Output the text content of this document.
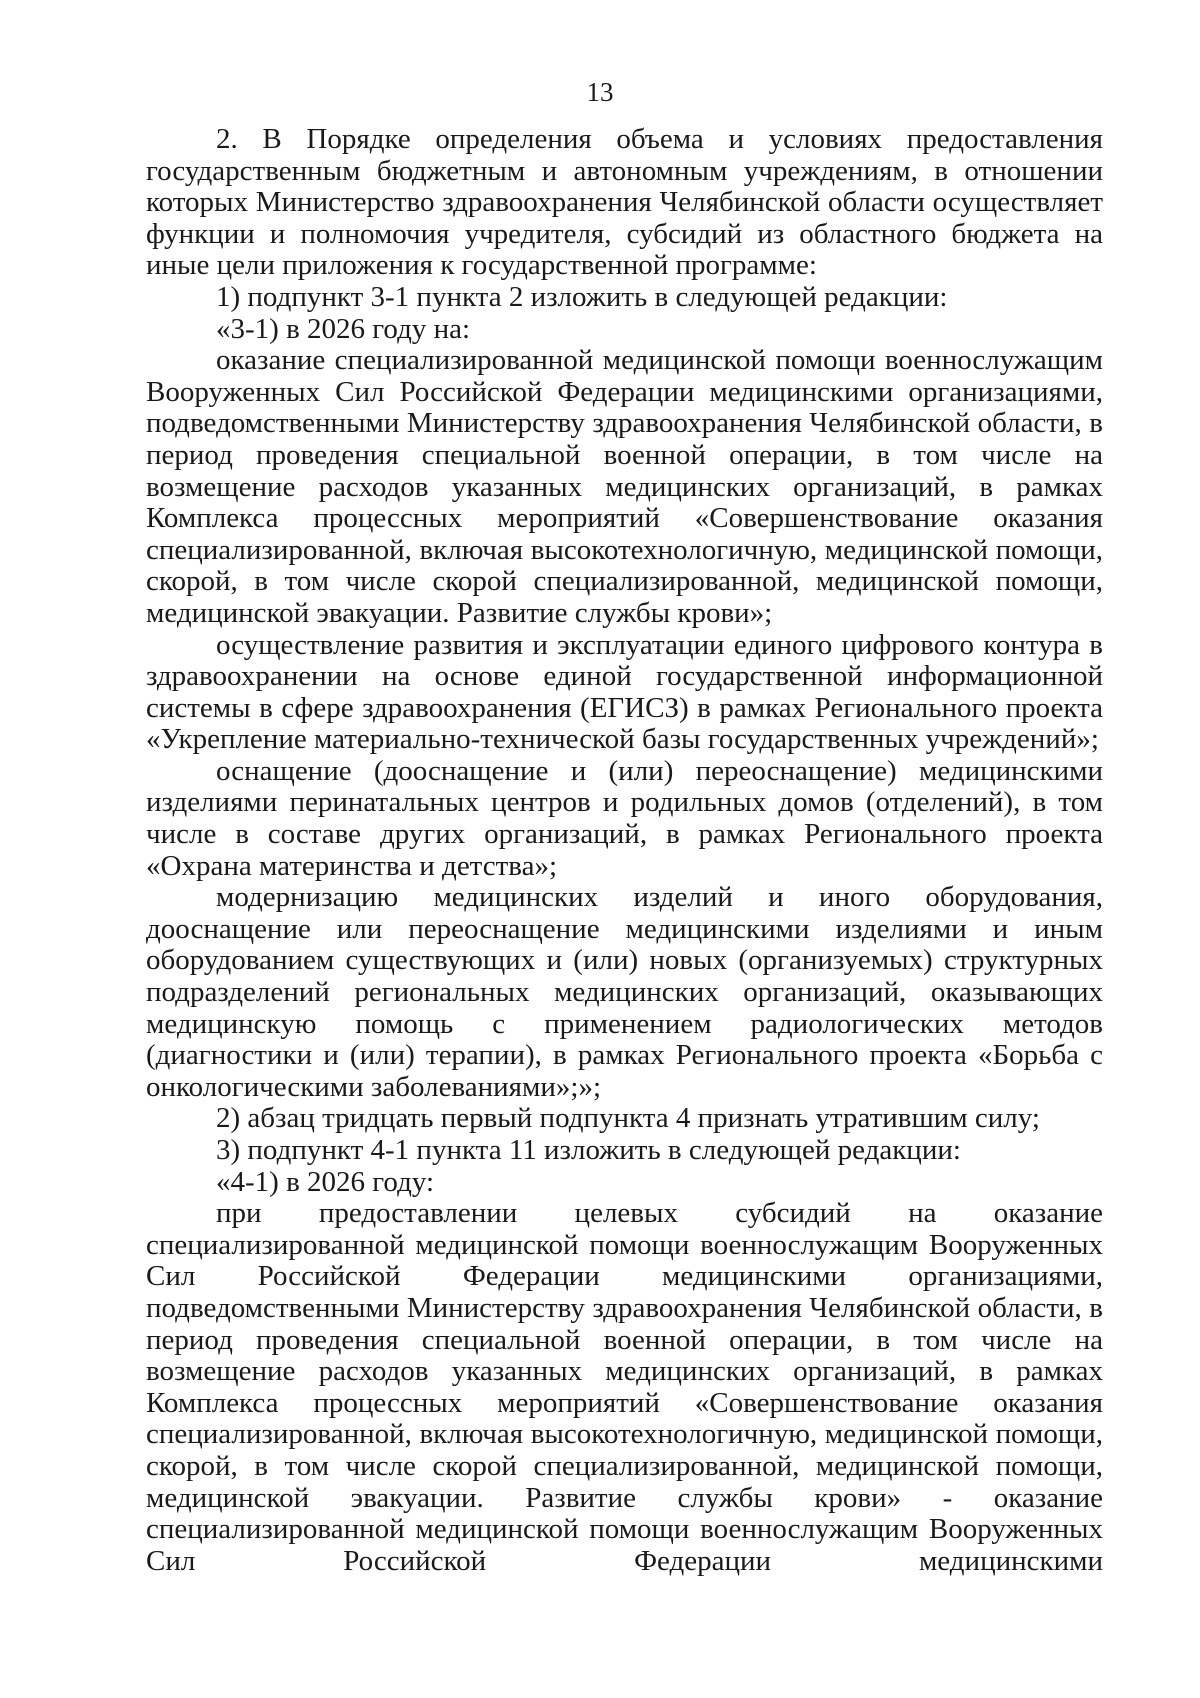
13

2. В Порядке определения объема и условиях предоставления государственным бюджетным и автономным учреждениям, в отношении которых Министерство здравоохранения Челябинской области осуществляет функции и полномочия учредителя, субсидий из областного бюджета на иные цели приложения к государственной программе:

1) подпункт 3-1 пункта 2 изложить в следующей редакции:

«3-1) в 2026 году на:

оказание специализированной медицинской помощи военнослужащим Вооруженных Сил Российской Федерации медицинскими организациями, подведомственными Министерству здравоохранения Челябинской области, в период проведения специальной военной операции, в том числе на возмещение расходов указанных медицинских организаций, в рамках Комплекса процессных мероприятий «Совершенствование оказания специализированной, включая высокотехнологичную, медицинской помощи, скорой, в том числе скорой специализированной, медицинской помощи, медицинской эвакуации. Развитие службы крови»;

осуществление развития и эксплуатации единого цифрового контура в здравоохранении на основе единой государственной информационной системы в сфере здравоохранения (ЕГИСЗ) в рамках Регионального проекта «Укрепление материально-технической базы государственных учреждений»;

оснащение (дооснащение и (или) переоснащение) медицинскими изделиями перинатальных центров и родильных домов (отделений), в том числе в составе других организаций, в рамках Регионального проекта «Охрана материнства и детства»;

модернизацию медицинских изделий и иного оборудования, дооснащение или переоснащение медицинскими изделиями и иным оборудованием существующих и (или) новых (организуемых) структурных подразделений региональных медицинских организаций, оказывающих медицинскую помощь с применением радиологических методов (диагностики и (или) терапии), в рамках Регионального проекта «Борьба с онкологическими заболеваниями»;»;

2) абзац тридцать первый подпункта 4 признать утратившим силу;

3) подпункт 4-1 пункта 11 изложить в следующей редакции:

«4-1) в 2026 году:

при предоставлении целевых субсидий на оказание специализированной медицинской помощи военнослужащим Вооруженных Сил Российской Федерации медицинскими организациями, подведомственными Министерству здравоохранения Челябинской области, в период проведения специальной военной операции, в том числе на возмещение расходов указанных медицинских организаций, в рамках Комплекса процессных мероприятий «Совершенствование оказания специализированной, включая высокотехнологичную, медицинской помощи, скорой, в том числе скорой специализированной, медицинской помощи, медицинской эвакуации. Развитие службы крови» - оказание специализированной медицинской помощи военнослужащим Вооруженных Сил Российской Федерации медицинскими
